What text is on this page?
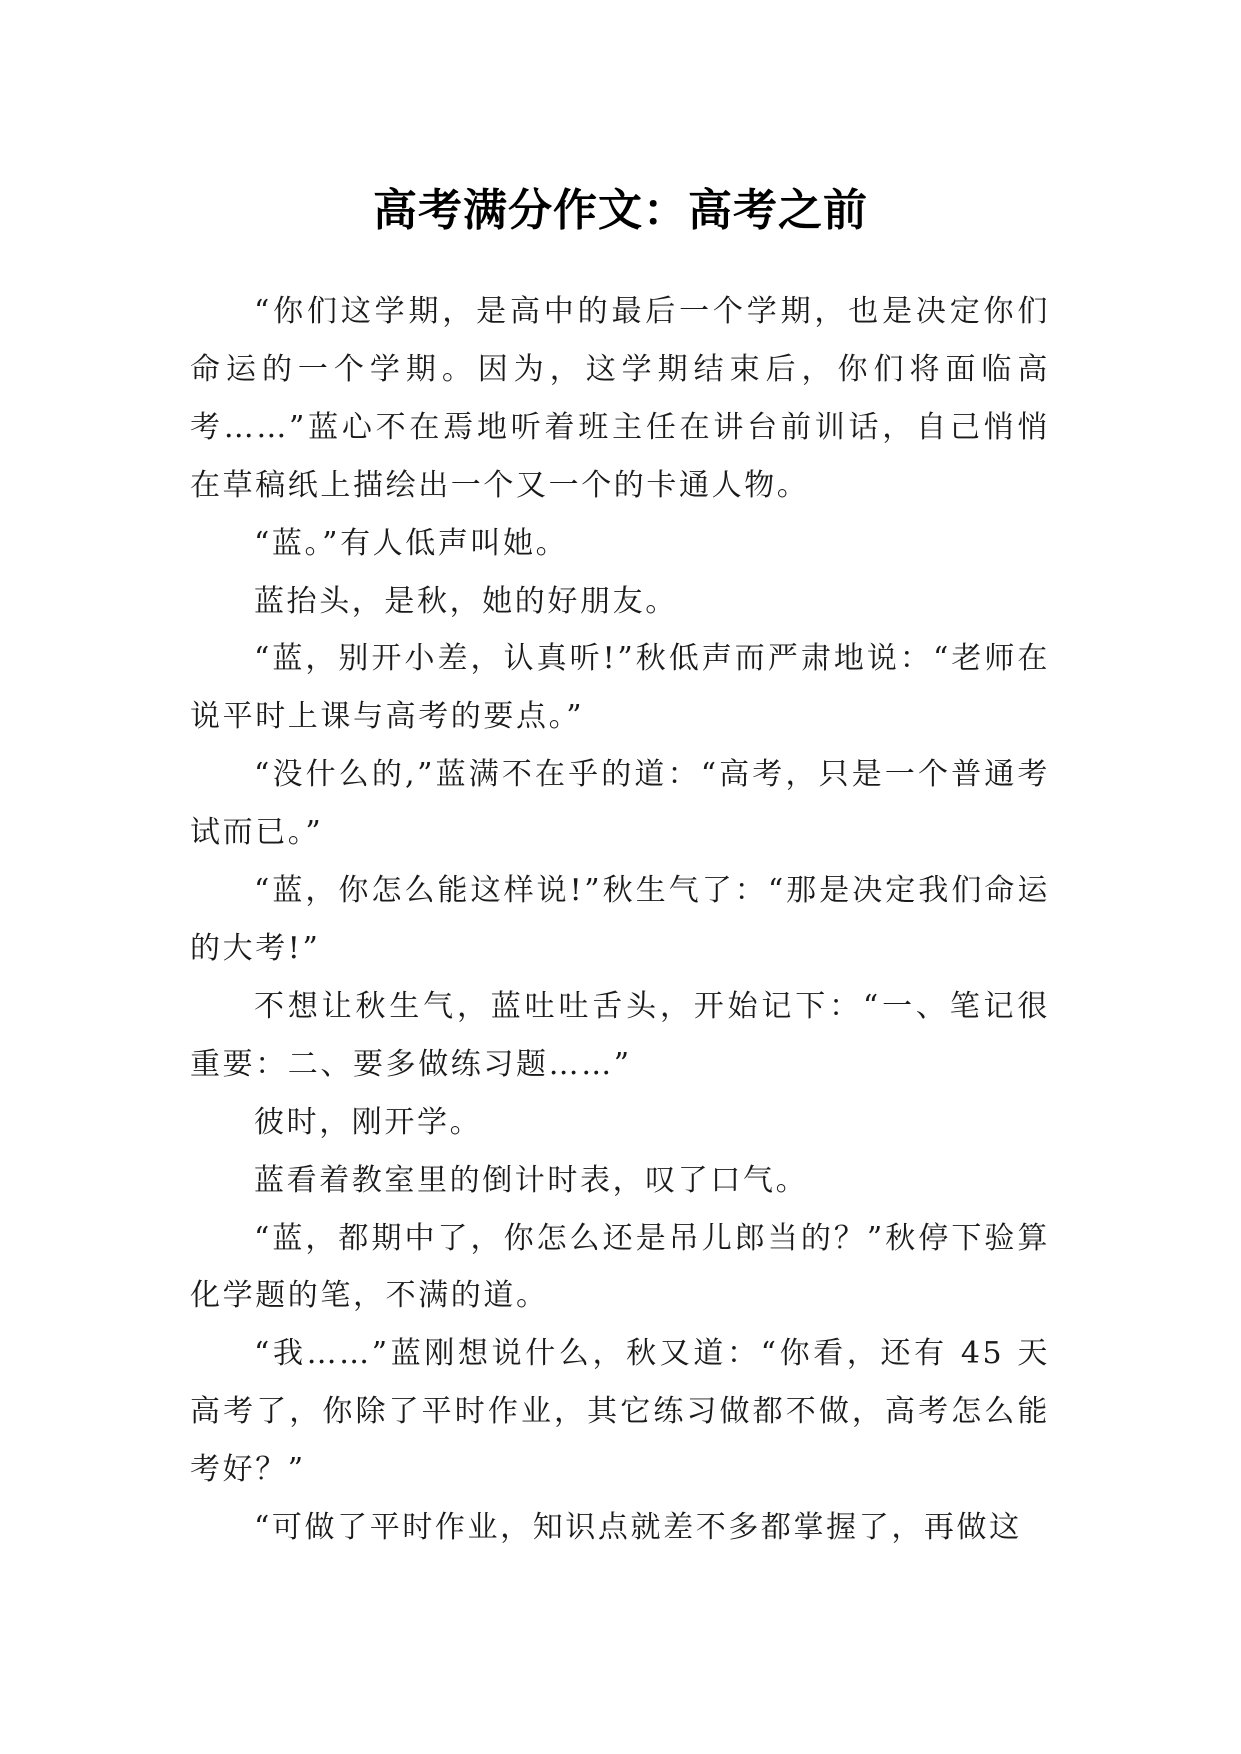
高考满分作文：高考之前

“你们这学期，是高中的最后一个学期，也是决定你们命运的一个学期。因为，这学期结束后，你们将面临高考……”蓝心不在焉地听着班主任在讲台前训话，自己悄悄在草稿纸上描绘出一个又一个的卡通人物。

“蓝。”有人低声叫她。

蓝抬头，是秋，她的好朋友。

“蓝，别开小差，认真听!”秋低声而严肃地说：“老师在说平时上课与高考的要点。”

“没什么的,”蓝满不在乎的道：“高考，只是一个普通考试而已。”

“蓝，你怎么能这样说!”秋生气了：“那是决定我们命运的大考!”

不想让秋生气，蓝吐吐舌头，开始记下：“一、笔记很重要：二、要多做练习题……”

彼时，刚开学。

蓝看着教室里的倒计时表，叹了口气。

“蓝，都期中了，你怎么还是吊儿郎当的？”秋停下验算化学题的笔，不满的道。

“我……”蓝刚想说什么，秋又道：“你看，还有 45 天高考了，你除了平时作业，其它练习做都不做，高考怎么能考好？”

“可做了平时作业，知识点就差不多都掌握了，再做这
